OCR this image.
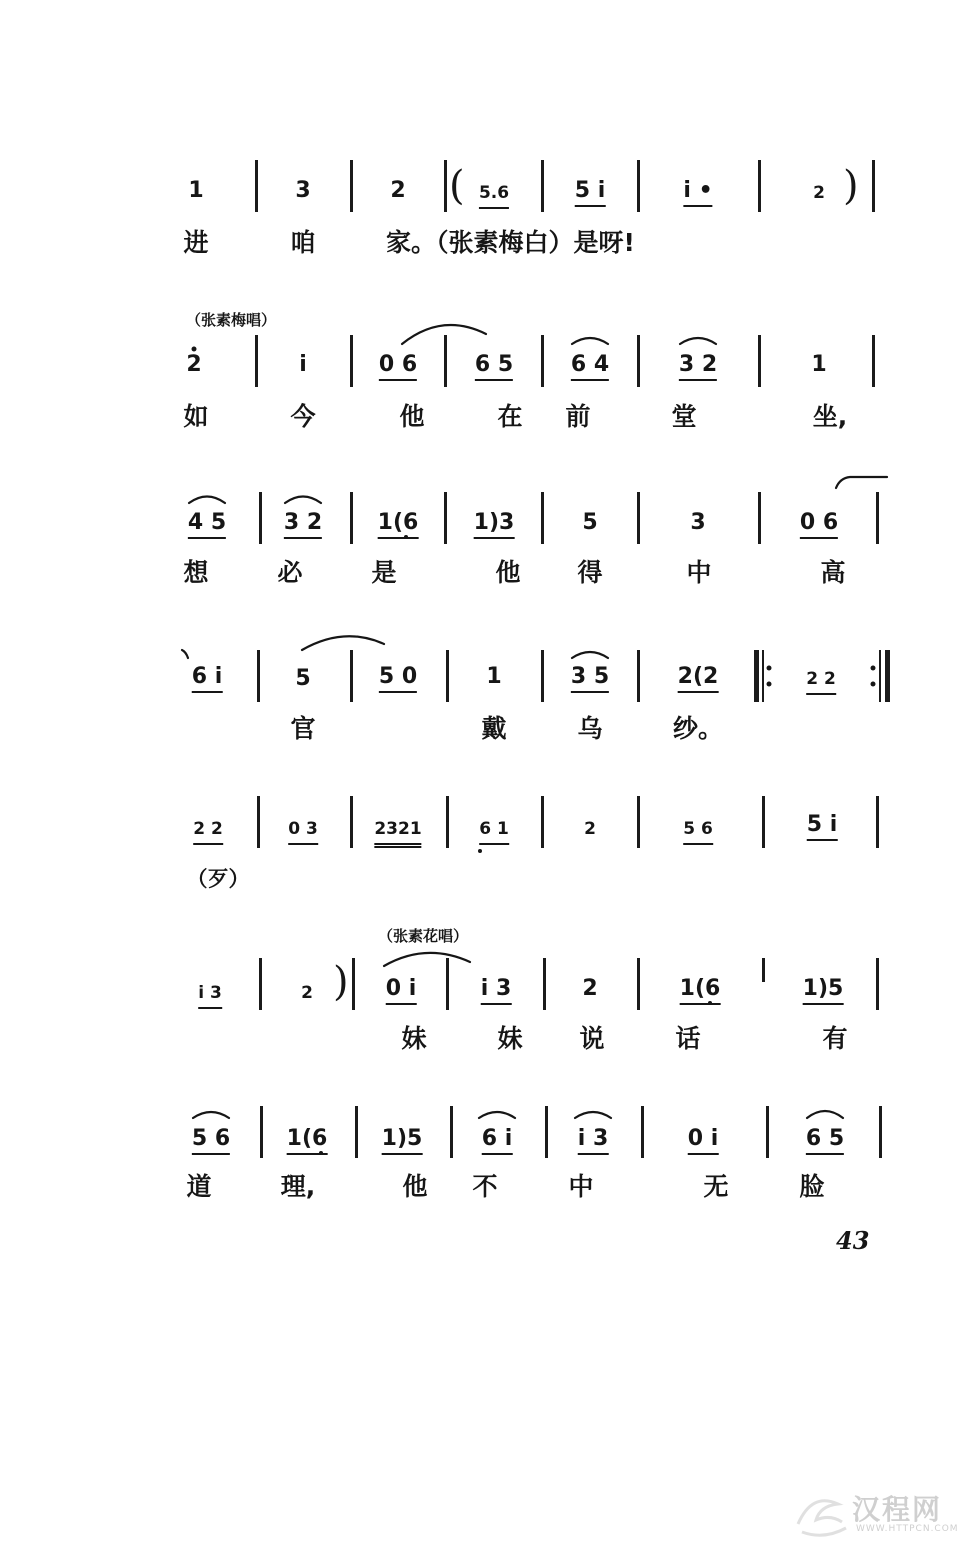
1	3	2 ( 5.6	5 i	i •	2 )
进	咱	家。（张素梅白）是呀!
（张素梅唱）
2	i	0 6	6 5	6 4	3 2	1
如	今	他	在 前	堂	坐,
4 5	3 2	1(6	1)3	5	3	0 6
想	必	是	他 得	中	高
6 i	5	5 0	1	3 5	2(2	2 2
官	戴	乌	纱。
2 2	0 3	2321	6 1	2	5 6	5 i
（歹）
（张素花唱）
i 3	2 ) 0 i	i 3	2	1(6	1)5
妹	妹 说	话	有
5 6	1(6 1)5	6 i	i 3	0 i	6 5
道	理,	他 不	中	无	脸
43
汉程网
WWW.HTTPCN.COM
